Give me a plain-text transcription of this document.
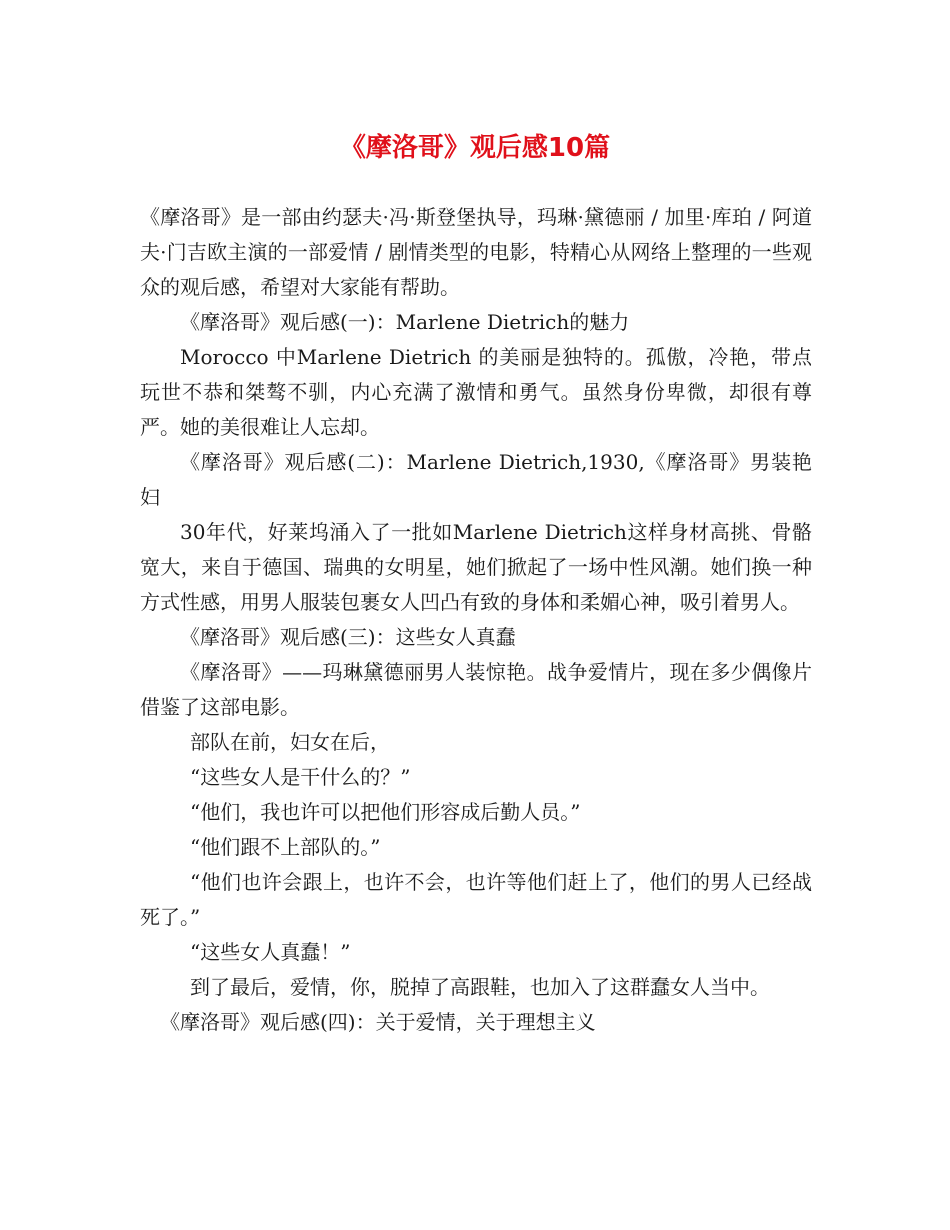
《摩洛哥》观后感10篇

《摩洛哥》是一部由约瑟夫·冯·斯登堡执导，玛琳·黛德丽 / 加里·库珀 / 阿道夫·门吉欧主演的一部爱情 / 剧情类型的电影，特精心从网络上整理的一些观众的观后感，希望对大家能有帮助。

《摩洛哥》观后感(一)：Marlene Dietrich的魅力

Morocco 中Marlene Dietrich 的美丽是独特的。孤傲，冷艳，带点玩世不恭和桀骜不驯，内心充满了激情和勇气。虽然身份卑微，却很有尊严。她的美很难让人忘却。

《摩洛哥》观后感(二)：Marlene Dietrich,1930,《摩洛哥》男装艳妇

30年代，好莱坞涌入了一批如Marlene Dietrich这样身材高挑、骨骼宽大，来自于德国、瑞典的女明星，她们掀起了一场中性风潮。她们换一种方式性感，用男人服装包裹女人凹凸有致的身体和柔媚心神，吸引着男人。

《摩洛哥》观后感(三)：这些女人真蠢

《摩洛哥》——玛琳黛德丽男人装惊艳。战争爱情片，现在多少偶像片借鉴了这部电影。

部队在前，妇女在后，

“这些女人是干什么的？”

“他们，我也许可以把他们形容成后勤人员。”

“他们跟不上部队的。”

“他们也许会跟上，也许不会，也许等他们赶上了，他们的男人已经战死了。”

“这些女人真蠢！”

到了最后，爱情，你，脱掉了高跟鞋，也加入了这群蠢女人当中。

《摩洛哥》观后感(四)：关于爱情，关于理想主义
